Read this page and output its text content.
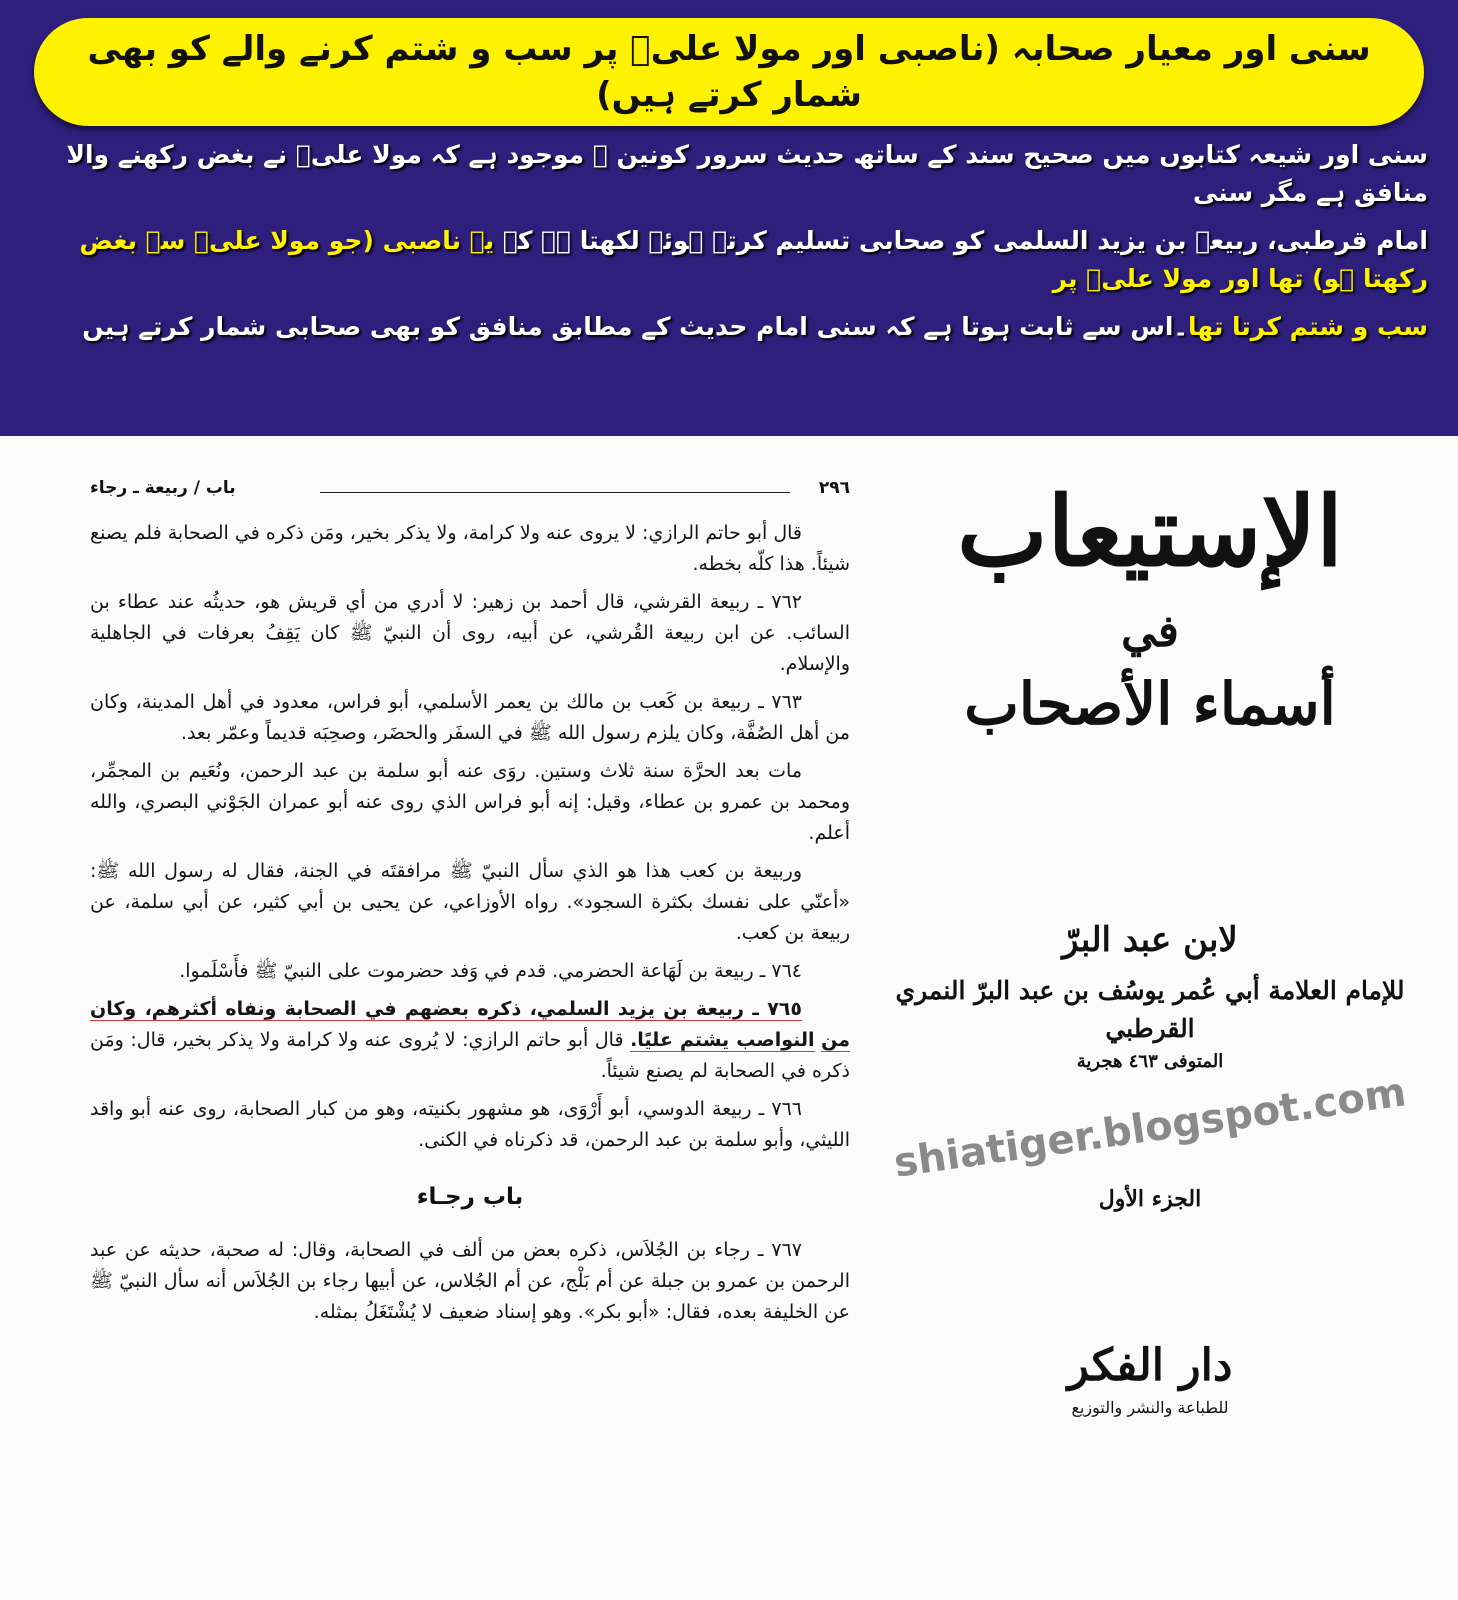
سنی اور معیار صحابہ (ناصبی اور مولا علیؑ پر سب و شتم کرنے والے کو بھی شمار کرتے ہیں)
سنی اور شیعہ کتابوں میں صحیح سند کے ساتھ حدیث سرور کونین ﷺ موجود ہے کہ مولا علیؑ نے بغض رکھنے والا منافق ہے مگر سنی
امام قرطبی، ربیعہ بن یزید السلمی کو صحابی تسلیم کرتے ہوئے لکھتا ہے کہ یہ ناصبی (جو مولا علیؑ سے بغض رکھتا ہو) تھا اور مولا علیؑ پر
سب و شتم کرتا تھا۔اس سے ثابت ہوتا ہے کہ سنی امام حدیث کے مطابق منافق کو بھی صحابی شمار کرتے ہیں
٢٩٦
باب / ربيعة ـ رجاء

قال أبو حاتم الرازي: لا يروى عنه ولا كرامة، ولا يذكر بخير، ومَن ذكره في الصحابة فلم يصنع شيئاً. هذا كلّه بخطه.

٧٦٢ ـ ربيعة القرشي، قال أحمد بن زهير: لا أدري من أي قريش هو، حديثُه عند عطاء بن السائب. عن ابن ربيعة القُرشي، عن أبيه، روى أن النبيّ ﷺ كان يَقِفُ بعرفات في الجاهلية والإسلام.

٧٦٣ ـ ربيعة بن كَعب بن مالك بن يعمر الأسلمي، أبو فراس، معدود في أهل المدينة، وكان من أهل الصُفَّة، وكان يلزم رسول الله ﷺ في السفَر والحضَر، وصحِبَه قديماً وعمّر بعد.

مات بعد الحرَّة سنة ثلاث وستين. روَى عنه أبو سلمة بن عبد الرحمن، ونُعَيم بن المجمِّر، ومحمد بن عمرو بن عطاء، وقيل: إنه أبو فراس الذي روى عنه أبو عمران الجَوْني البصري، والله أعلم.

وربيعة بن كعب هذا هو الذي سأل النبيّ ﷺ مرافقتَه في الجنة، فقال له رسول الله ﷺ: «أعنّي على نفسك بكثرة السجود». رواه الأوزاعي، عن يحيى بن أبي كثير، عن أبي سلمة، عن ربيعة بن كعب.

٧٦٤ ـ ربيعة بن لَهَاعة الحضرمي. قدم في وَفد حضرموت على النبيّ ﷺ فأَسْلَموا.

٧٦٥ ـ ربيعة بن يزيد السلمي، ذكره بعضهم في الصحابة ونفاه أكثرهم، وكان من النواصب يشتم عليًا. قال أبو حاتم الرازي: لا يُروى عنه ولا كرامة ولا يذكر بخير، قال: ومَن ذكره في الصحابة لم يصنع شيئاً.

٧٦٦ ـ ربيعة الدوسي، أبو أَرْوَى، هو مشهور بكنيته، وهو من كبار الصحابة، روى عنه أبو واقد الليثي، وأبو سلمة بن عبد الرحمن، قد ذكرناه في الكنى.

باب رجـاء

٧٦٧ ـ رجاء بن الجُلاَس، ذكره بعض من ألف في الصحابة، وقال: له صحبة، حديثه عن عبد الرحمن بن عمرو بن جبلة عن أم بَلْج، عن أم الجُلاس، عن أبيها رجاء بن الجُلاَس أنه سأل النبيّ ﷺ عن الخليفة بعده، فقال: «أبو بكر». وهو إسناد ضعيف لا يُشْتَغَلُ بمثله.

الإستيعاب
في
أسماء الأصحاب
لابن عبد البرّ
للإمام العلامة أبي عُمر يوسُف بن عبد البرّ النمري القرطبي
المتوفى ٤٦٣ هجرية
shiatiger.blogspot.com
الجزء الأول
دار الفكر
للطباعة والنشر والتوزيع
